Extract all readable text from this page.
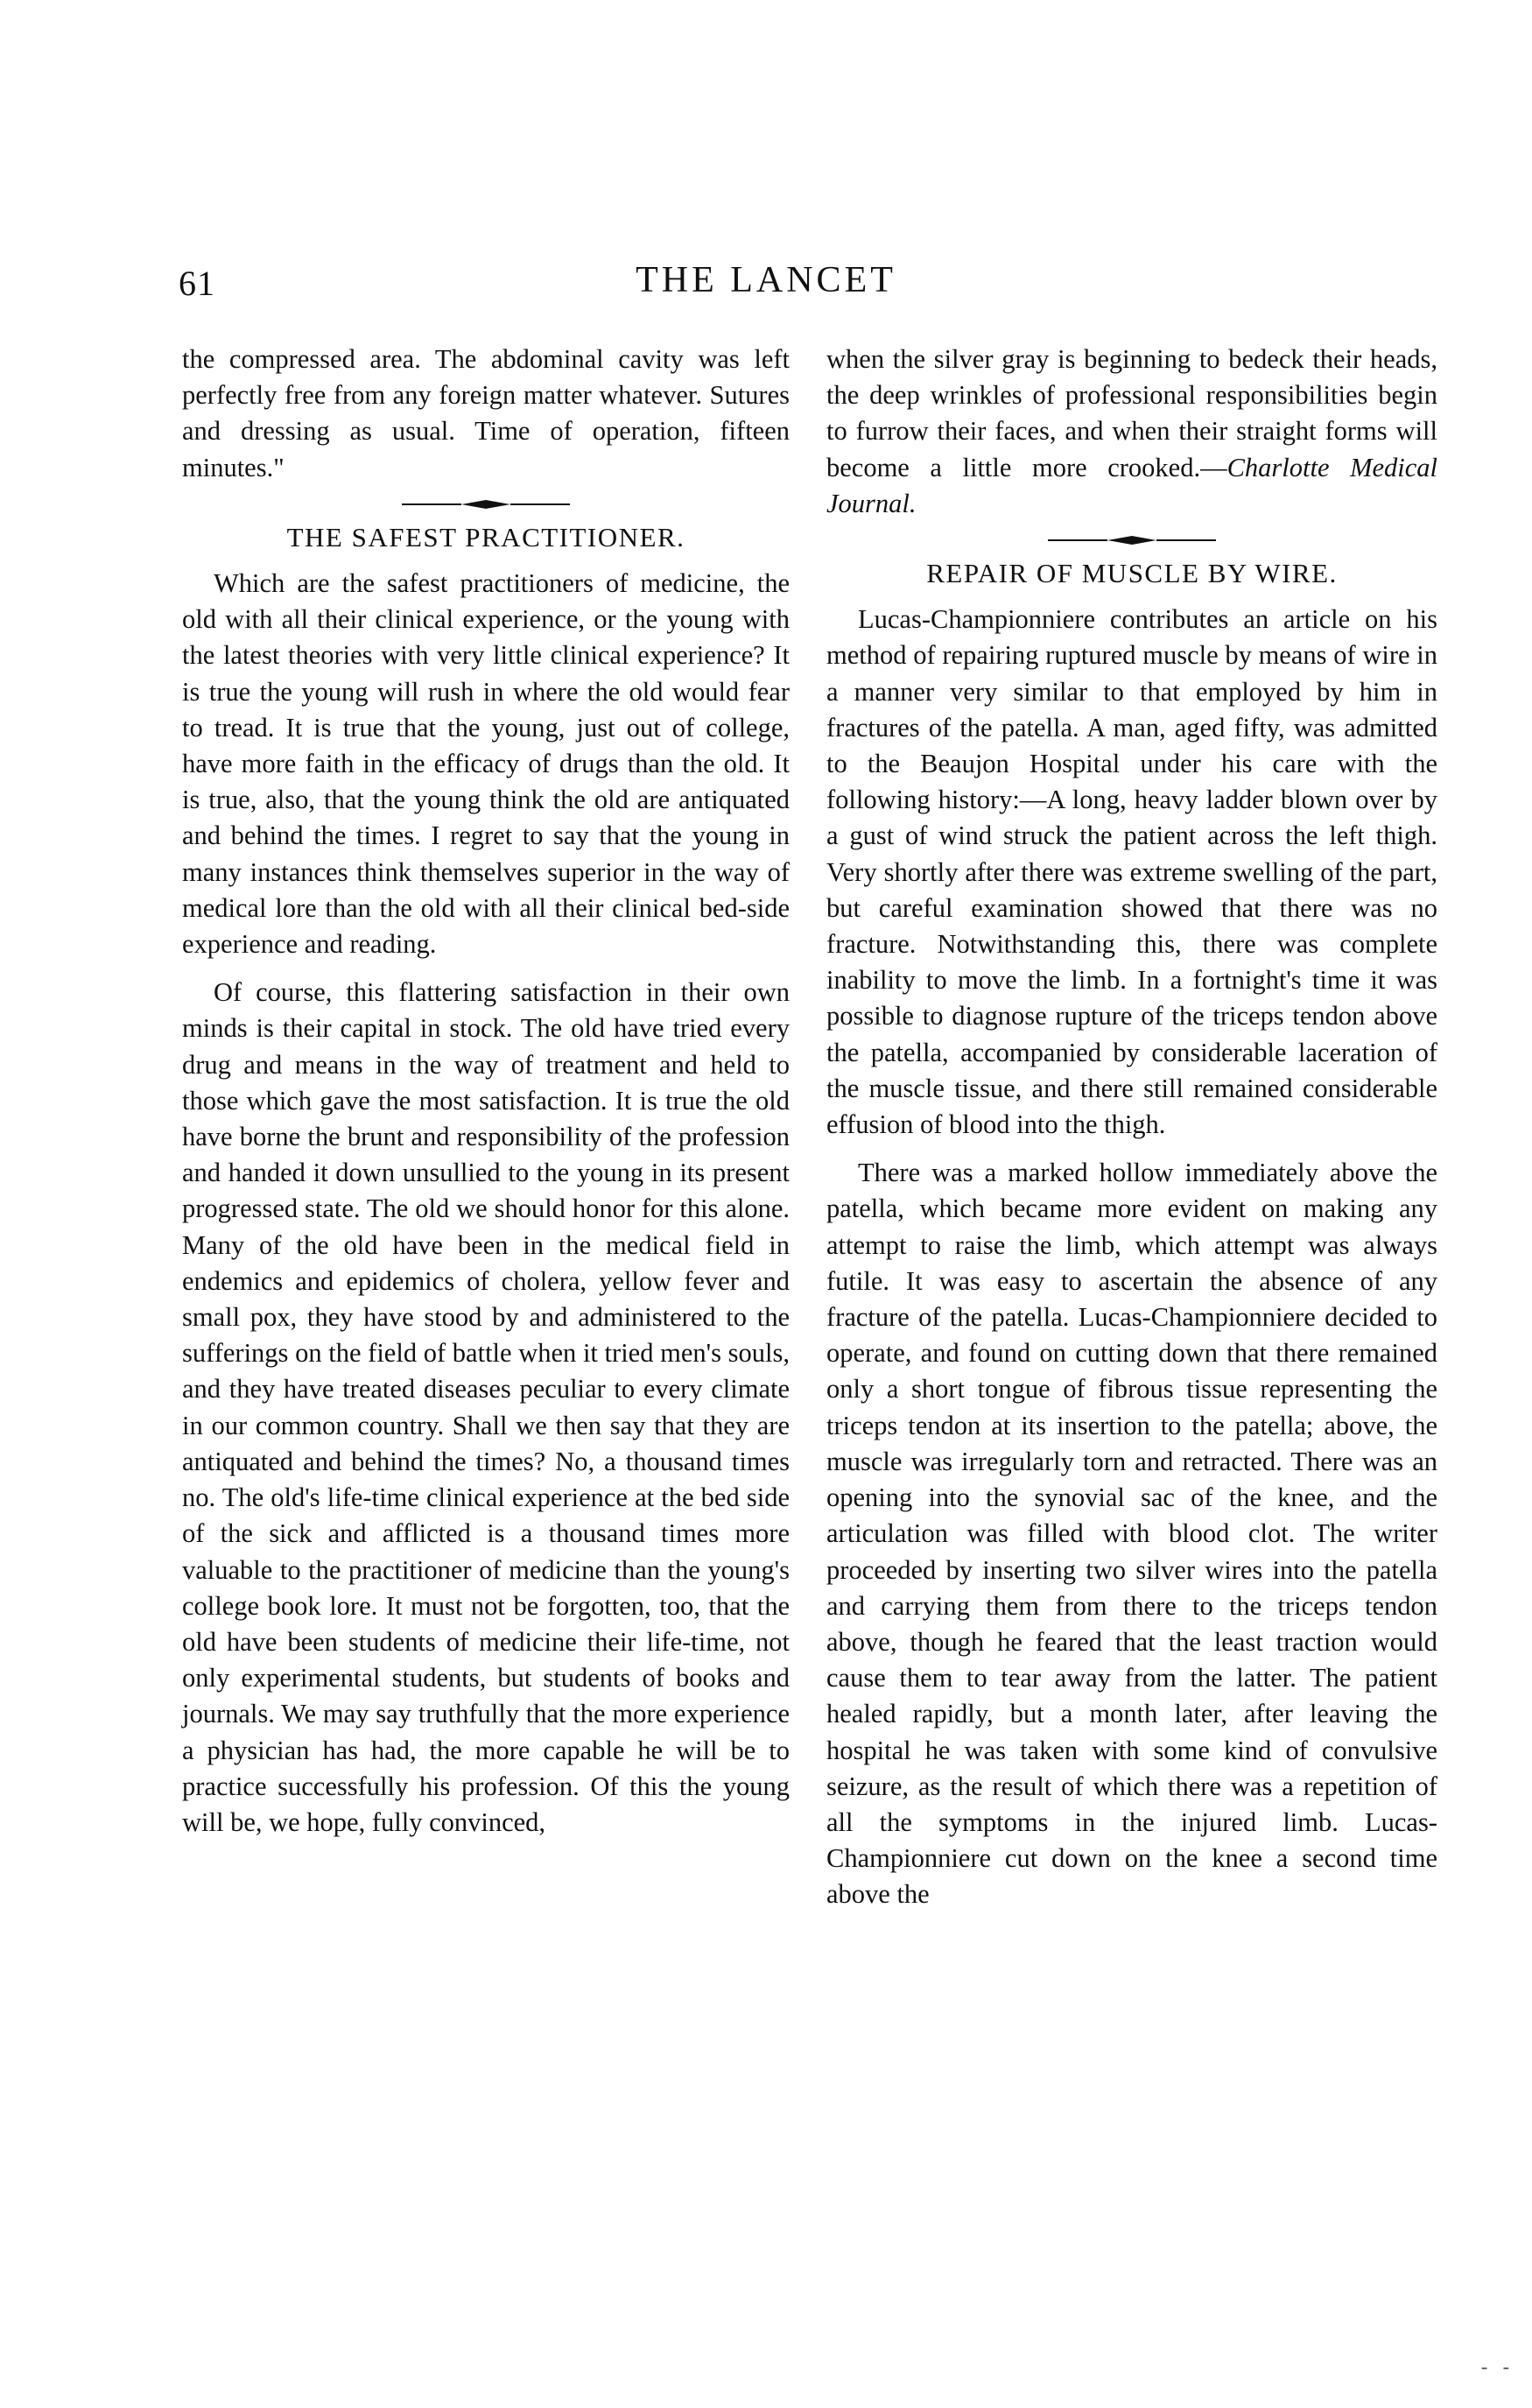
61	THE LANCET

the compressed area. The abdominal cavity was left perfectly free from any foreign matter whatever. Sutures and dressing as usual. Time of operation, fifteen minutes."

THE SAFEST PRACTITIONER.

Which are the safest practitioners of medicine, the old with all their clinical experience, or the young with the latest theories with very little clinical experience? It is true the young will rush in where the old would fear to tread. It is true that the young, just out of college, have more faith in the efficacy of drugs than the old. It is true, also, that the young think the old are antiquated and behind the times. I regret to say that the young in many instances think themselves superior in the way of medical lore than the old with all their clinical bed-side experience and reading.

Of course, this flattering satisfaction in their own minds is their capital in stock. The old have tried every drug and means in the way of treatment and held to those which gave the most satisfaction. It is true the old have borne the brunt and responsibility of the profession and handed it down unsullied to the young in its present progressed state. The old we should honor for this alone. Many of the old have been in the medical field in endemics and epidemics of cholera, yellow fever and small pox, they have stood by and administered to the sufferings on the field of battle when it tried men's souls, and they have treated diseases peculiar to every climate in our common country. Shall we then say that they are antiquated and behind the times? No, a thousand times no. The old's life-time clinical experience at the bed side of the sick and afflicted is a thousand times more valuable to the practitioner of medicine than the young's college book lore. It must not be forgotten, too, that the old have been students of medicine their life-time, not only experimental students, but students of books and journals. We may say truthfully that the more experience a physician has had, the more capable he will be to practice successfully his profession. Of this the young will be, we hope, fully convinced,

when the silver gray is beginning to bedeck their heads, the deep wrinkles of professional responsibilities begin to furrow their faces, and when their straight forms will become a little more crooked.—Charlotte Medical Journal.

REPAIR OF MUSCLE BY WIRE.

Lucas-Championniere contributes an article on his method of repairing ruptured muscle by means of wire in a manner very similar to that employed by him in fractures of the patella. A man, aged fifty, was admitted to the Beaujon Hospital under his care with the following history:—A long, heavy ladder blown over by a gust of wind struck the patient across the left thigh. Very shortly after there was extreme swelling of the part, but careful examination showed that there was no fracture. Notwithstanding this, there was complete inability to move the limb. In a fortnight's time it was possible to diagnose rupture of the triceps tendon above the patella, accompanied by considerable laceration of the muscle tissue, and there still remained considerable effusion of blood into the thigh.

There was a marked hollow immediately above the patella, which became more evident on making any attempt to raise the limb, which attempt was always futile. It was easy to ascertain the absence of any fracture of the patella. Lucas-Championniere decided to operate, and found on cutting down that there remained only a short tongue of fibrous tissue representing the triceps tendon at its insertion to the patella; above, the muscle was irregularly torn and retracted. There was an opening into the synovial sac of the knee, and the articulation was filled with blood clot. The writer proceeded by inserting two silver wires into the patella and carrying them from there to the triceps tendon above, though he feared that the least traction would cause them to tear away from the latter. The patient healed rapidly, but a month later, after leaving the hospital he was taken with some kind of convulsive seizure, as the result of which there was a repetition of all the symptoms in the injured limb. Lucas-Championniere cut down on the knee a second time above the

- -
